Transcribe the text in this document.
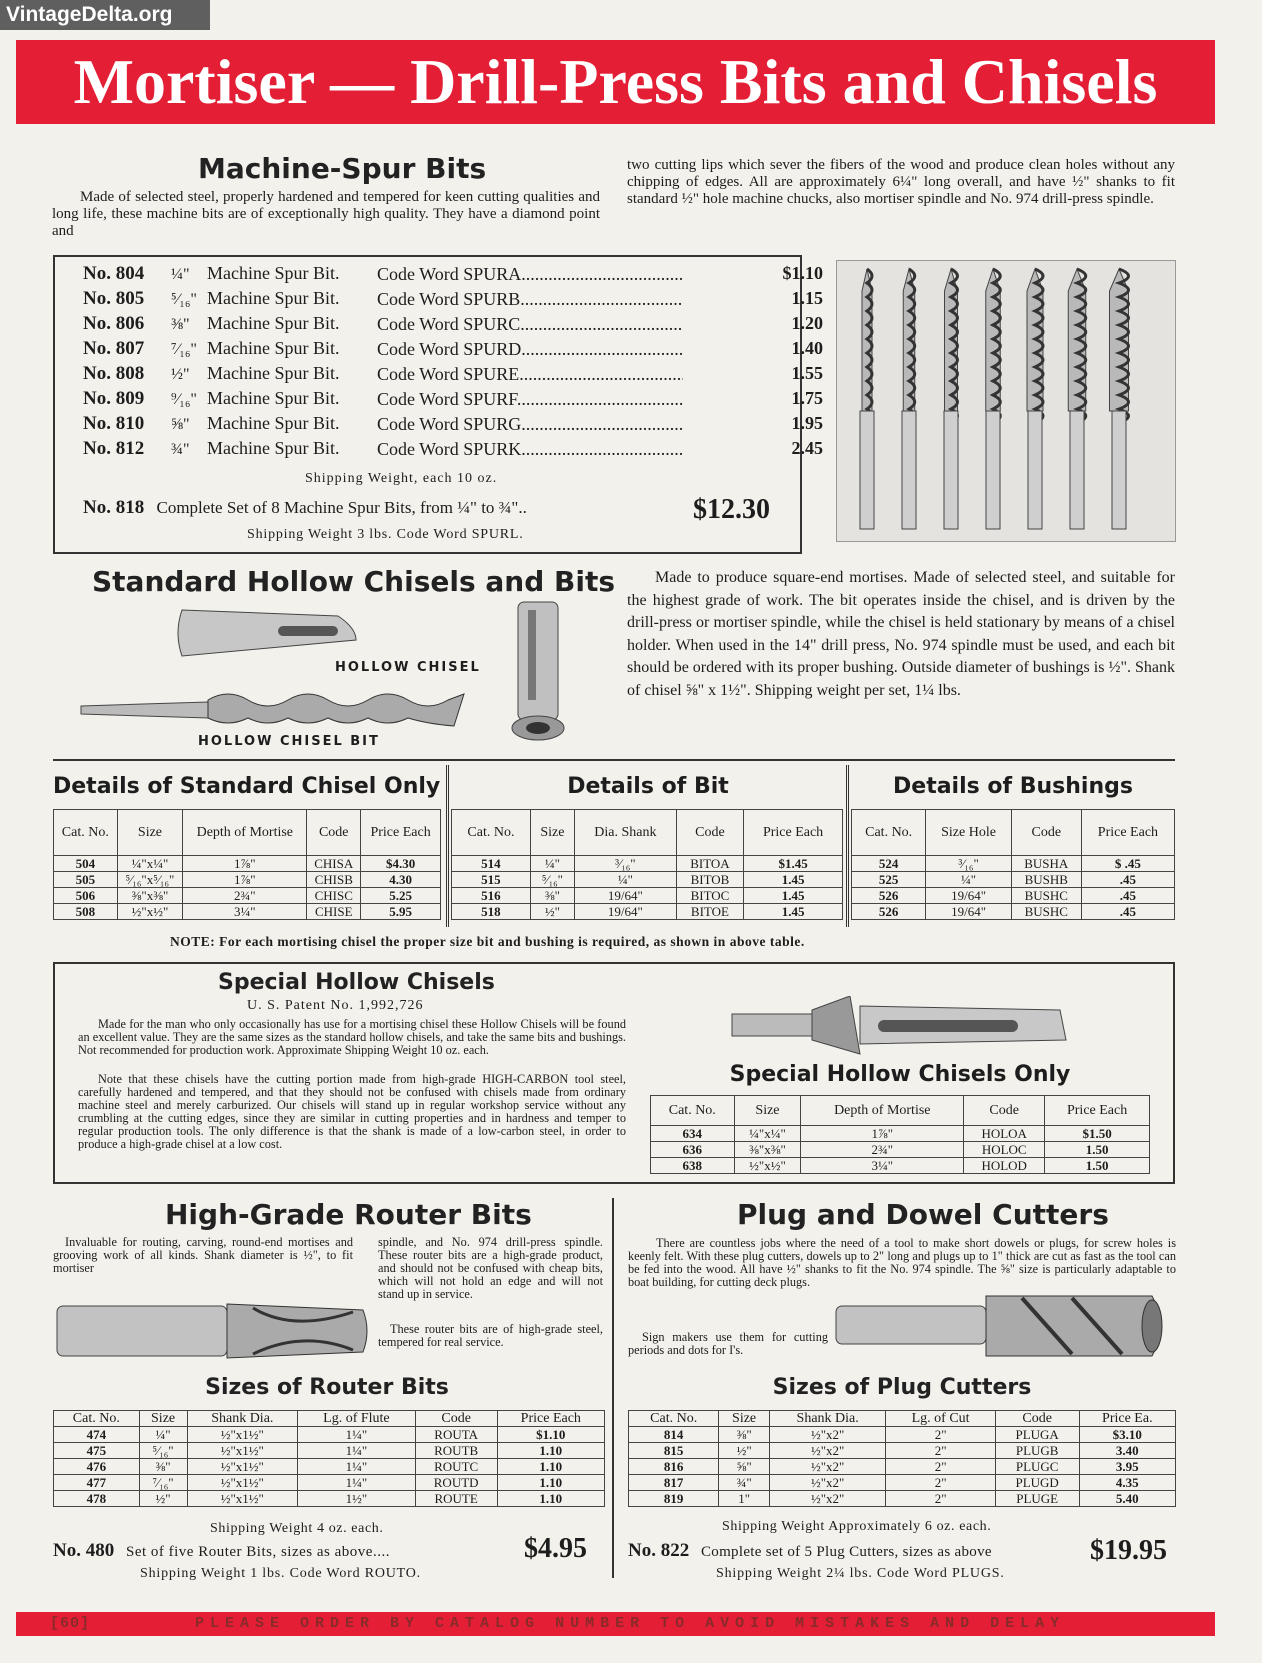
VintageDelta.org
Mortiser — Drill-Press Bits and Chisels
Machine-Spur Bits
Made of selected steel, properly hardened and tempered for keen cutting qualities and long life, these machine bits are of exceptionally high quality. They have a diamond point and
two cutting lips which sever the fibers of the wood and produce clean holes without any chipping of edges. All are approximately 6¼" long overall, and have ½" shanks to fit standard ½" hole machine chucks, also mortiser spindle and No. 974 drill-press spindle.
No. 804 ¼" Machine Spur Bit. Code Word SPURA .....	$1.10
No. 805 ⁵⁄₁₆" Machine Spur Bit. Code Word SPURB .....	1.15
No. 806 ⅜" Machine Spur Bit. Code Word SPURC .....	1.20
No. 807 ⁷⁄₁₆" Machine Spur Bit. Code Word SPURD .....	1.40
No. 808 ½" Machine Spur Bit. Code Word SPURE .....	1.55
No. 809 ⁹⁄₁₆" Machine Spur Bit. Code Word SPURF .....	1.75
No. 810 ⅝" Machine Spur Bit. Code Word SPURG .....	1.95
No. 812 ¾" Machine Spur Bit. Code Word SPURK .....	2.45
Shipping Weight, each 10 oz.
No. 818 Complete Set of 8 Machine Spur Bits, from ¼" to ¾"..	$12.30
Shipping Weight 3 lbs. Code Word SPURL.
Standard Hollow Chisels and Bits
HOLLOW CHISEL
HOLLOW CHISEL BIT
Made to produce square-end mortises. Made of selected steel, and suitable for the highest grade of work. The bit operates inside the chisel, and is driven by the drill-press or mortiser spindle, while the chisel is held stationary by means of a chisel holder. When used in the 14" drill press, No. 974 spindle must be used, and each bit should be ordered with its proper bushing. Outside diameter of bushings is ½". Shank of chisel ⅝" x 1½". Shipping weight per set, 1¼ lbs.
Details of Standard Chisel Only	Details of Bit	Details of Bushings
Cat. No.	Size	Depth of Mortise	Code	Price Each
504	¼"x¼"	1⅞"	CHISA	$4.30
505	⁵⁄₁₆"x⁵⁄₁₆"	1⅞"	CHISB	4.30
506	⅜"x⅜"	2¾"	CHISC	5.25
508	½"x½"	3¼"	CHISE	5.95
Cat. No.	Size	Dia. Shank	Code	Price Each
514	¼"	³⁄₁₆"	BITOA	$1.45
515	⁵⁄₁₆"	¼"	BITOB	1.45
516	⅜"	19/64"	BITOC	1.45
518	½"	19/64"	BITOE	1.45
Cat. No.	Size Hole	Code	Price Each
524	³⁄₁₆"	BUSHA	$ .45
525	¼"	BUSHB	.45
526	19/64"	BUSHC	.45
526	19/64"	BUSHC	.45
NOTE: For each mortising chisel the proper size bit and bushing is required, as shown in above table.
Special Hollow Chisels
U. S. Patent No. 1,992,726
Made for the man who only occasionally has use for a mortising chisel these Hollow Chisels will be found an excellent value. They are the same sizes as the standard hollow chisels, and take the same bits and bushings. Not recommended for production work. Approximate Shipping Weight 10 oz. each.
Note that these chisels have the cutting portion made from high-grade HIGH-CARBON tool steel, carefully hardened and tempered, and that they should not be confused with chisels made from ordinary machine steel and merely carburized. Our chisels will stand up in regular workshop service without any crumbling at the cutting edges, since they are similar in cutting properties and in hardness and temper to regular production tools. The only difference is that the shank is made of a low-carbon steel, in order to produce a high-grade chisel at a low cost.
Special Hollow Chisels Only
Cat. No.	Size	Depth of Mortise	Code	Price Each
634	¼"x¼"	1⅞"	HOLOA	$1.50
636	⅜"x⅜"	2¾"	HOLOC	1.50
638	½"x½"	3¼"	HOLOD	1.50
High-Grade Router Bits
Invaluable for routing, carving, round-end mortises and grooving work of all kinds. Shank diameter is ½", to fit mortiser
spindle, and No. 974 drill-press spindle. These router bits are a high-grade product, and should not be confused with cheap bits, which will not hold an edge and will not stand up in service.
These router bits are of high-grade steel, tempered for real service.
Sizes of Router Bits
Cat. No.	Size	Shank Dia.	Lg. of Flute	Code	Price Each
474	¼"	½"x1½"	1¼"	ROUTA	$1.10
475	⁵⁄₁₆"	½"x1½"	1¼"	ROUTB	1.10
476	⅜"	½"x1½"	1¼"	ROUTC	1.10
477	⁷⁄₁₆"	½"x1½"	1¼"	ROUTD	1.10
478	½"	½"x1½"	1½"	ROUTE	1.10
Shipping Weight 4 oz. each.
No. 480 Set of five Router Bits, sizes as above....	$4.95
Shipping Weight 1 lbs. Code Word ROUTO.
Plug and Dowel Cutters
There are countless jobs where the need of a tool to make short dowels or plugs, for screw holes is keenly felt. With these plug cutters, dowels up to 2" long and plugs up to 1" thick are cut as fast as the tool can be fed into the wood. All have ½" shanks to fit the No. 974 spindle. The ⅝" size is particularly adaptable to boat building, for cutting deck plugs.
Sign makers use them for cutting periods and dots for I's.
Sizes of Plug Cutters
Cat. No.	Size	Shank Dia.	Lg. of Cut	Code	Price Ea.
814	⅜"	½"x2"	2"	PLUGA	$3.10
815	½"	½"x2"	2"	PLUGB	3.40
816	⅝"	½"x2"	2"	PLUGC	3.95
817	¾"	½"x2"	2"	PLUGD	4.35
819	1"	½"x2"	2"	PLUGE	5.40
Shipping Weight Approximately 6 oz. each.
No. 822 Complete set of 5 Plug Cutters, sizes as above	$19.95
Shipping Weight 2¼ lbs. Code Word PLUGS.
[60]	PLEASE ORDER BY CATALOG NUMBER TO AVOID MISTAKES AND DELAY
